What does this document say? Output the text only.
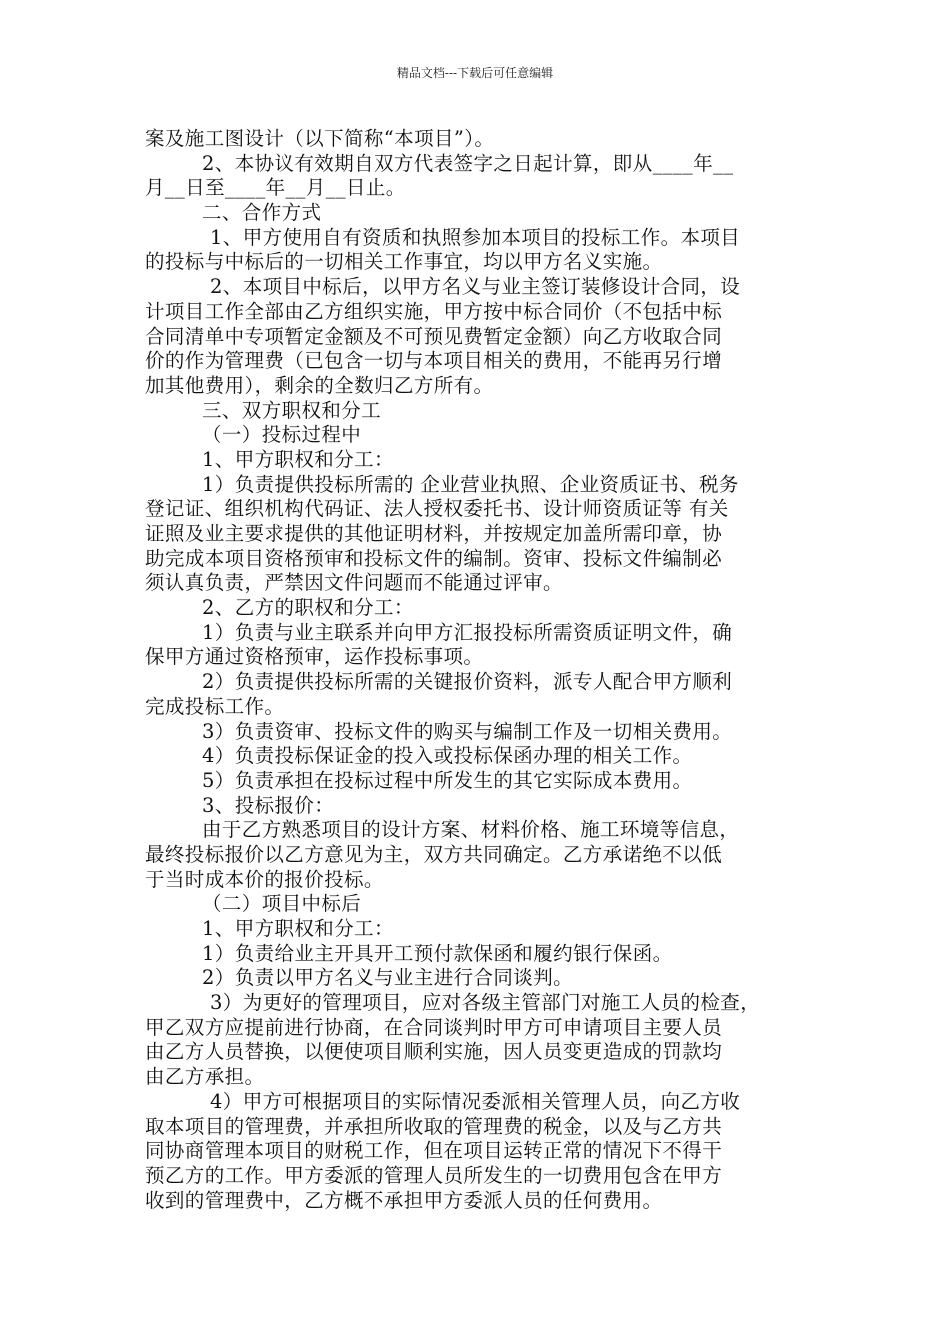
精品文档---下载后可任意编辑
案及施工图设计（以下简称“本项目”）。
2、本协议有效期自双方代表签字之日起计算，即从____年__
月__日至____年__月__日止。
二、合作方式
1、甲方使用自有资质和执照参加本项目的投标工作。本项目
的投标与中标后的一切相关工作事宜，均以甲方名义实施。
2、本项目中标后，以甲方名义与业主签订装修设计合同，设
计项目工作全部由乙方组织实施，甲方按中标合同价（不包括中标
合同清单中专项暂定金额及不可预见费暂定金额）向乙方收取合同
价的作为管理费（已包含一切与本项目相关的费用，不能再另行增
加其他费用），剩余的全数归乙方所有。
三、双方职权和分工
（一）投标过程中
1、甲方职权和分工：
1）负责提供投标所需的 企业营业执照、企业资质证书、税务
登记证、组织机构代码证、法人授权委托书、设计师资质证等 有关
证照及业主要求提供的其他证明材料，并按规定加盖所需印章，协
助完成本项目资格预审和投标文件的编制。资审、投标文件编制必
须认真负责，严禁因文件问题而不能通过评审。
2、乙方的职权和分工：
1）负责与业主联系并向甲方汇报投标所需资质证明文件，确
保甲方通过资格预审，运作投标事项。
2）负责提供投标所需的关键报价资料，派专人配合甲方顺利
完成投标工作。
3）负责资审、投标文件的购买与编制工作及一切相关费用。
4）负责投标保证金的投入或投标保函办理的相关工作。
5）负责承担在投标过程中所发生的其它实际成本费用。
3、投标报价：
由于乙方熟悉项目的设计方案、材料价格、施工环境等信息，
最终投标报价以乙方意见为主，双方共同确定。乙方承诺绝不以低
于当时成本价的报价投标。
（二）项目中标后
1、甲方职权和分工：
1）负责给业主开具开工预付款保函和履约银行保函。
2）负责以甲方名义与业主进行合同谈判。
3）为更好的管理项目，应对各级主管部门对施工人员的检查，
甲乙双方应提前进行协商，在合同谈判时甲方可申请项目主要人员
由乙方人员替换，以便使项目顺利实施，因人员变更造成的罚款均
由乙方承担。
4）甲方可根据项目的实际情况委派相关管理人员，向乙方收
取本项目的管理费，并承担所收取的管理费的税金，以及与乙方共
同协商管理本项目的财税工作，但在项目运转正常的情况下不得干
预乙方的工作。甲方委派的管理人员所发生的一切费用包含在甲方
收到的管理费中，乙方概不承担甲方委派人员的任何费用。
